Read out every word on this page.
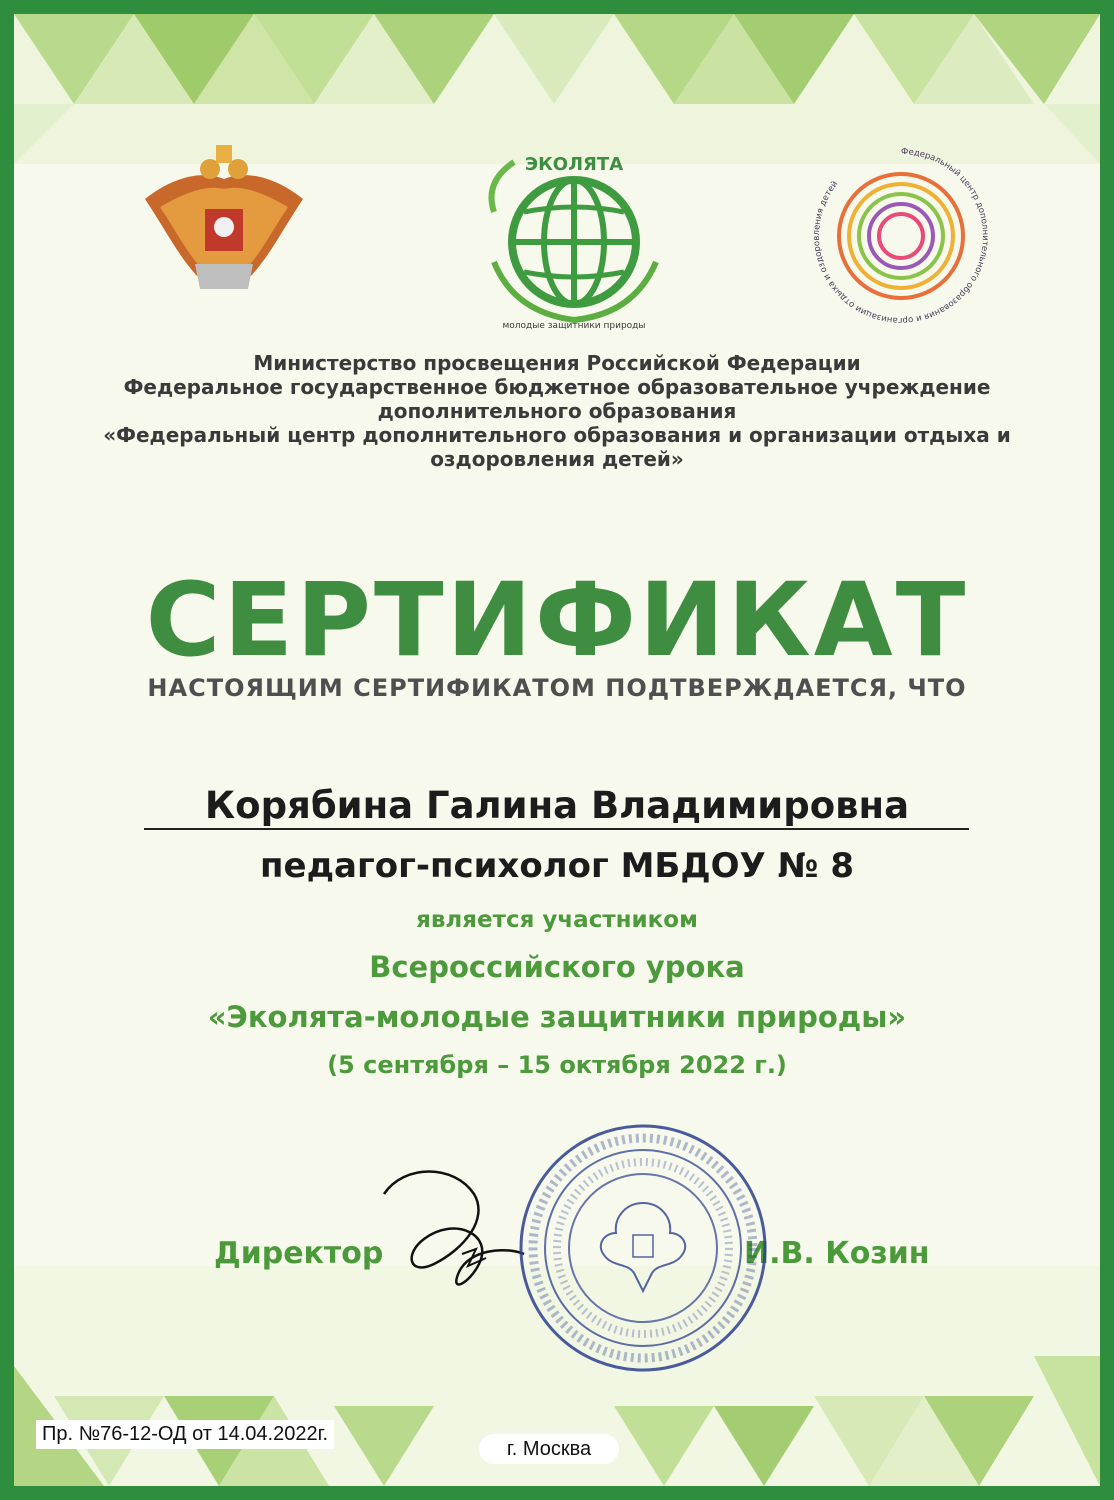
ЭКОЛЯТА
молодые защитники природы
Федеральный центр дополнительного образования и организации отдыха и оздоровления детей
Министерство просвещения Российской Федерации
Федеральное государственное бюджетное образовательное учреждение
дополнительного образования
«Федеральный центр дополнительного образования и организации отдыха и
оздоровления детей»
СЕРТИФИКАТ
НАСТОЯЩИМ СЕРТИФИКАТОМ ПОДТВЕРЖДАЕТСЯ, ЧТО
Корябина Галина Владимировна
педагог-психолог МБДОУ № 8
является участником
Всероссийского урока
«Эколята-молодые защитники природы»
(5 сентября – 15 октября 2022 г.)
Директор	И.В. Козин
Пр. №76-12-ОД от 14.04.2022г.
г. Москва
